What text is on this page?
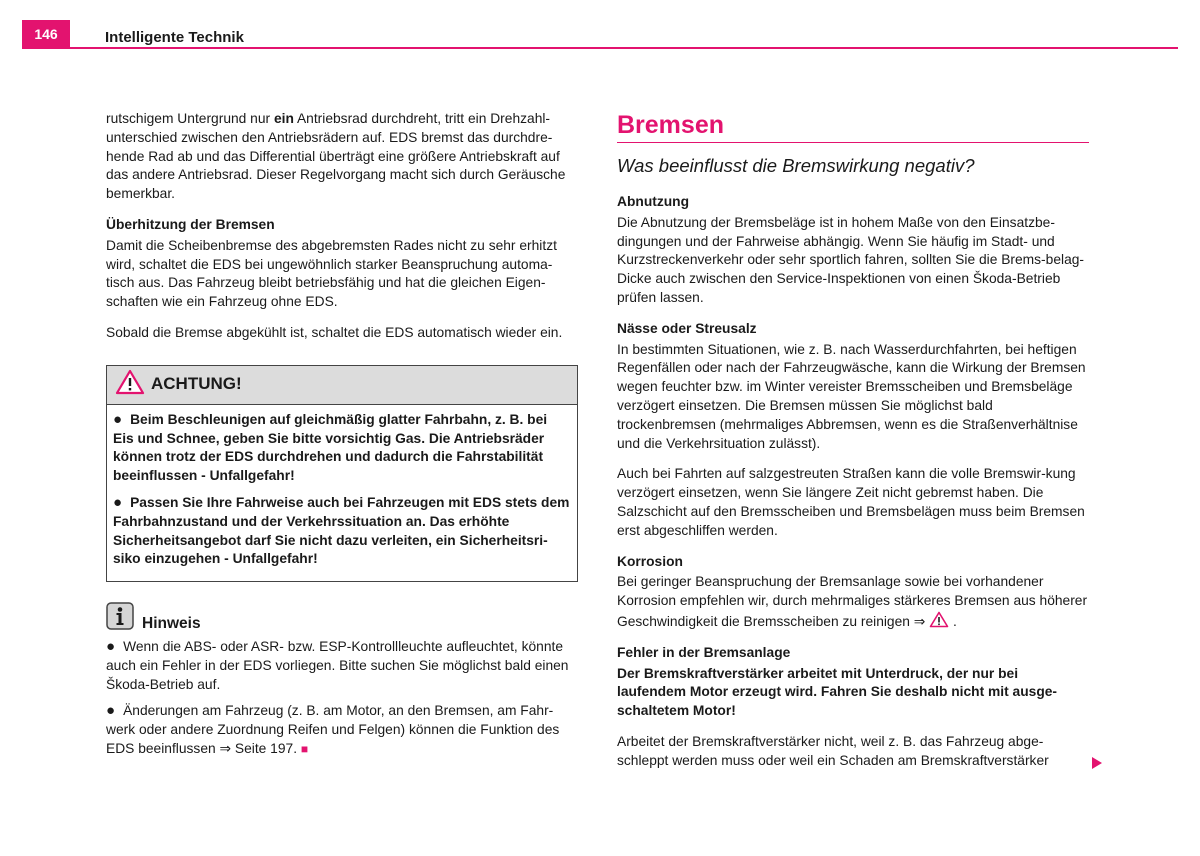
146	Intelligente Technik

rutschigem Untergrund nur ein Antriebsrad durchdreht, tritt ein Drehzahl-unterschied zwischen den Antriebsrädern auf. EDS bremst das durchdre-hende Rad ab und das Differential überträgt eine größere Antriebskraft auf das andere Antriebsrad. Dieser Regelvorgang macht sich durch Geräusche bemerkbar.

Überhitzung der Bremsen

Damit die Scheibenbremse des abgebremsten Rades nicht zu sehr erhitzt wird, schaltet die EDS bei ungewöhnlich starker Beanspruchung automa-tisch aus. Das Fahrzeug bleibt betriebsfähig und hat die gleichen Eigen-schaften wie ein Fahrzeug ohne EDS.

Sobald die Bremse abgekühlt ist, schaltet die EDS automatisch wieder ein.

ACHTUNG!

● Beim Beschleunigen auf gleichmäßig glatter Fahrbahn, z. B. bei Eis und Schnee, geben Sie bitte vorsichtig Gas. Die Antriebsräder können trotz der EDS durchdrehen und dadurch die Fahrstabilität beeinflussen - Unfallgefahr!

● Passen Sie Ihre Fahrweise auch bei Fahrzeugen mit EDS stets dem Fahrbahnzustand und der Verkehrssituation an. Das erhöhte Sicherheitsangebot darf Sie nicht dazu verleiten, ein Sicherheitsri-siko einzugehen - Unfallgefahr!

Hinweis

● Wenn die ABS- oder ASR- bzw. ESP-Kontrollleuchte aufleuchtet, könnte auch ein Fehler in der EDS vorliegen. Bitte suchen Sie möglichst bald einen Škoda-Betrieb auf.

● Änderungen am Fahrzeug (z. B. am Motor, an den Bremsen, am Fahr-werk oder andere Zuordnung Reifen und Felgen) können die Funktion des EDS beeinflussen ⇒ Seite 197. ■

Bremsen
Was beeinflusst die Bremswirkung negativ?
Abnutzung

Die Abnutzung der Bremsbeläge ist in hohem Maße von den Einsatzbe-dingungen und der Fahrweise abhängig. Wenn Sie häufig im Stadt- und Kurzstreckenverkehr oder sehr sportlich fahren, sollten Sie die Brems-belag-Dicke auch zwischen den Service-Inspektionen von einen Škoda-Betrieb prüfen lassen.

Nässe oder Streusalz

In bestimmten Situationen, wie z. B. nach Wasserdurchfahrten, bei heftigen Regenfällen oder nach der Fahrzeugwäsche, kann die Wirkung der Bremsen wegen feuchter bzw. im Winter vereister Bremsscheiben und Bremsbeläge verzögert einsetzen. Die Bremsen müssen Sie möglichst bald trockenbremsen (mehrmaliges Abbremsen, wenn es die Straßenverhältnise und die Verkehrsituation zulässt).

Auch bei Fahrten auf salzgestreuten Straßen kann die volle Bremswir-kung verzögert einsetzen, wenn Sie längere Zeit nicht gebremst haben. Die Salzschicht auf den Bremsscheiben und Bremsbelägen muss beim Bremsen erst abgeschliffen werden.

Korrosion

Bei geringer Beanspruchung der Bremsanlage sowie bei vorhandener Korrosion empfehlen wir, durch mehrmaliges stärkeres Bremsen aus höherer Geschwindigkeit die Bremsscheiben zu reinigen ⇒ .

Fehler in der Bremsanlage

Der Bremskraftverstärker arbeitet mit Unterdruck, der nur bei laufendem Motor erzeugt wird. Fahren Sie deshalb nicht mit ausge-schaltetem Motor!

Arbeitet der Bremskraftverstärker nicht, weil z. B. das Fahrzeug abge-schleppt werden muss oder weil ein Schaden am Bremskraftverstärker
